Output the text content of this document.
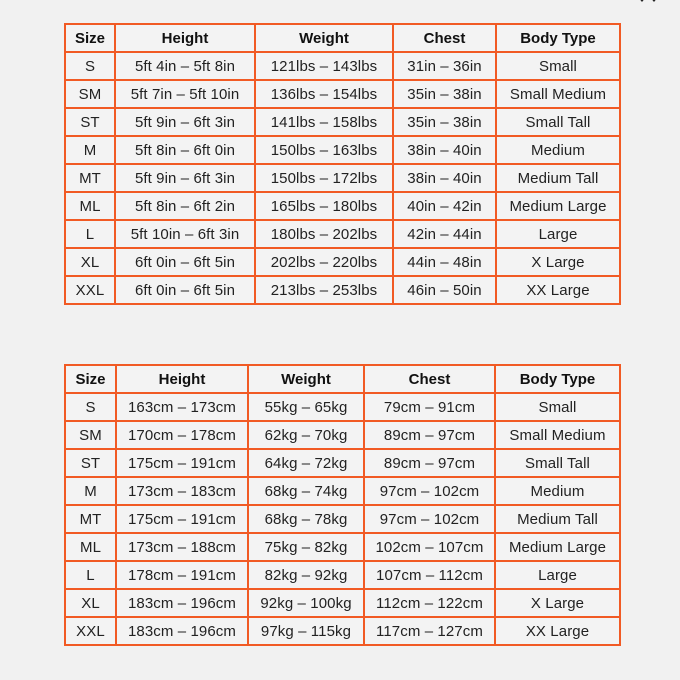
Size	Height	Weight	Chest	Body Type
S	5ft 4in – 5ft 8in	121lbs – 143lbs	31in – 36in	Small
SM	5ft 7in – 5ft 10in	136lbs – 154lbs	35in – 38in	Small Medium
ST	5ft 9in – 6ft 3in	141lbs – 158lbs	35in – 38in	Small Tall
M	5ft 8in – 6ft 0in	150lbs – 163lbs	38in – 40in	Medium
MT	5ft 9in – 6ft 3in	150lbs – 172lbs	38in – 40in	Medium Tall
ML	5ft 8in – 6ft 2in	165lbs – 180lbs	40in – 42in	Medium Large
L	5ft 10in – 6ft 3in	180lbs – 202lbs	42in – 44in	Large
XL	6ft 0in – 6ft 5in	202lbs – 220lbs	44in – 48in	X Large
XXL	6ft 0in – 6ft 5in	213lbs – 253lbs	46in – 50in	XX Large
Size	Height	Weight	Chest	Body Type
S	163cm – 173cm	55kg – 65kg	79cm – 91cm	Small
SM	170cm – 178cm	62kg – 70kg	89cm – 97cm	Small Medium
ST	175cm – 191cm	64kg – 72kg	89cm – 97cm	Small Tall
M	173cm – 183cm	68kg – 74kg	97cm – 102cm	Medium
MT	175cm – 191cm	68kg – 78kg	97cm – 102cm	Medium Tall
ML	173cm – 188cm	75kg – 82kg	102cm – 107cm	Medium Large
L	178cm – 191cm	82kg – 92kg	107cm – 112cm	Large
XL	183cm – 196cm	92kg – 100kg	112cm – 122cm	X Large
XXL	183cm – 196cm	97kg – 115kg	117cm – 127cm	XX Large
